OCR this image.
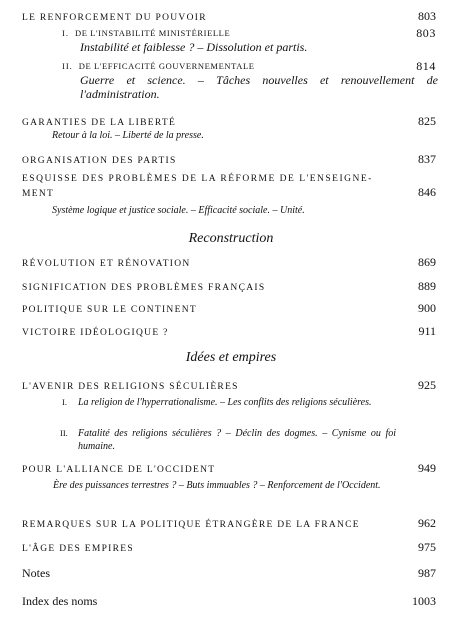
LE RENFORCEMENT DU POUVOIR	803
I. DE L'INSTABILITÉ MINISTÉRIELLE	803
Instabilité et faiblesse ? – Dissolution et partis.
II. DE L'EFFICACITÉ GOUVERNEMENTALE	814
Guerre et science. – Tâches nouvelles et renouvellement de l'administration.
GARANTIES DE LA LIBERTÉ	825
Retour à la loi. – Liberté de la presse.
ORGANISATION DES PARTIS	837
ESQUISSE DES PROBLÈMES DE LA RÉFORME DE L'ENSEIGNE-
MENT	846
Système logique et justice sociale. – Efficacité sociale. – Unité.
Reconstruction
RÉVOLUTION ET RÉNOVATION	869
SIGNIFICATION DES PROBLÈMES FRANÇAIS	889
POLITIQUE SUR LE CONTINENT	900
VICTOIRE IDÉOLOGIQUE ?	911
Idées et empires
L'AVENIR DES RELIGIONS SÉCULIÈRES	925
I. La religion de l'hyperrationalisme. – Les conflits des religions séculières.
II. Fatalité des religions séculières ? – Déclin des dogmes. – Cynisme ou foi humaine.
POUR L'ALLIANCE DE L'OCCIDENT	949
Ère des puissances terrestres ? – Buts immuables ? – Renforcement de l'Occident.
REMARQUES SUR LA POLITIQUE ÉTRANGÈRE DE LA FRANCE	962
L'ÂGE DES EMPIRES	975
Notes	987
Index des noms	1003
